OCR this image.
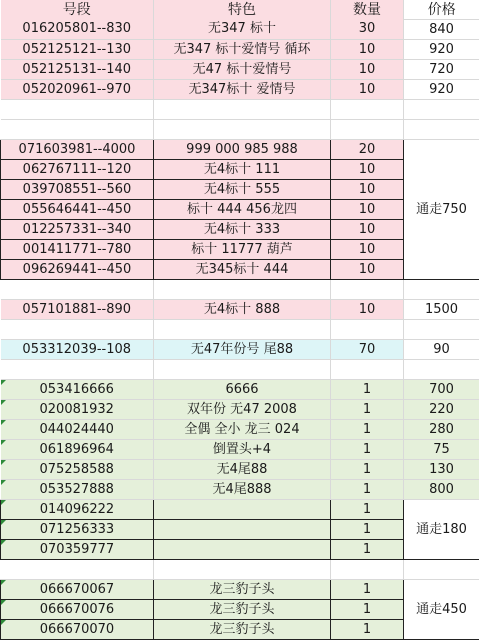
号段	特色	数量	价格
016205801--830	无347 标十	30	840
052125121--130	无347 标十爱情号 循环	10	920
052125131--140	无47 标十爱情号	10	720
052020961--970	无347标十 爱情号	10	920

071603981--4000	999 000 985 988	20	通走750
062767111--120	无4标十 111	10	
039708551--560	无4标十 555	10	
055646441--450	标十 444 456龙四	10	
012257331--340	无4标十 333	10	
001411771--780	标十 11777 葫芦	10	
096269441--450	无345标十 444	10	

057101881--890	无4标十 888	10	1500

053312039--108	无47年份号 尾88	70	90

053416666	6666	1	700
020081932	双年份 无47 2008	1	220
044024440	全偶 全小 龙三 024	1	280
061896964	倒置头+4	1	75
075258588	无4尾88	1	130
053527888	无4尾888	1	800
014096222		1	通走180
071256333		1	
070359777		1	

066670067	龙三豹子头	1	通走450
066670076	龙三豹子头	1	
066670070	龙三豹子头	1	
